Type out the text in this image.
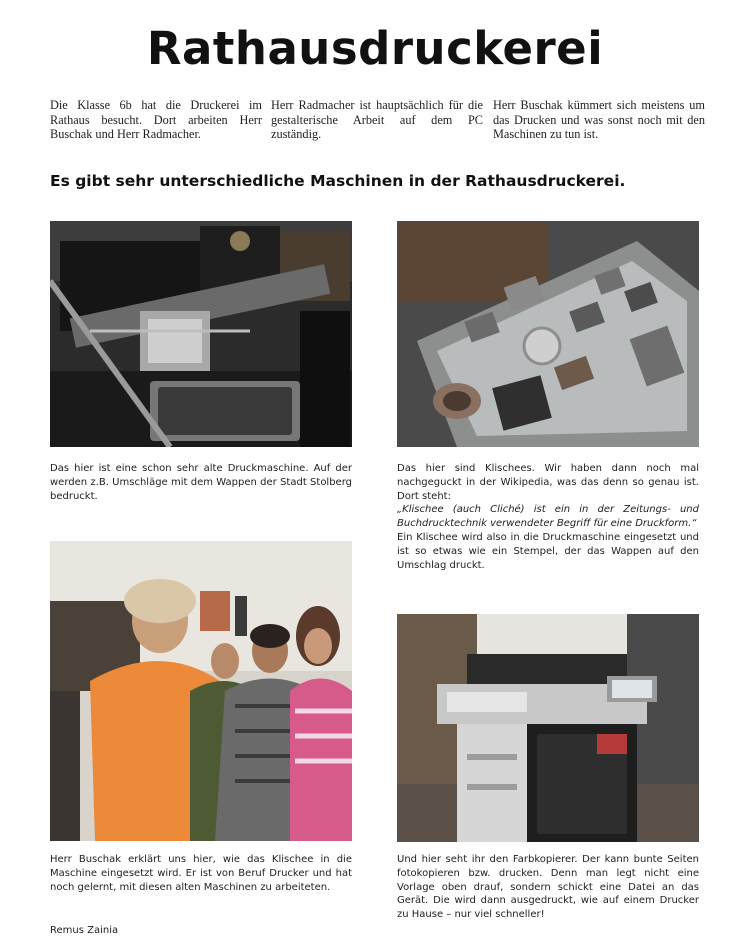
Rathausdruckerei
Die Klasse 6b hat die Druckerei im Rathaus besucht. Dort arbeiten Herr Buschak und Herr Radmacher.
Herr Radmacher ist hauptsächlich für die gestalterische Arbeit auf dem PC zuständig.
Herr Buschak kümmert sich meistens um das Drucken und was sonst noch mit den Maschinen zu tun ist.
Es gibt sehr unterschiedliche Maschinen in der Rathausdruckerei.
Das hier ist eine schon sehr alte Druckmaschine. Auf der werden z.B. Umschläge mit dem Wappen der Stadt Stolberg bedruckt.
Das hier sind Klischees. Wir haben dann noch mal nachgeguckt in der Wikipedia, was das denn so genau ist. Dort steht:
„Klischee (auch Cliché) ist ein in der Zeitungs- und Buchdrucktechnik verwendeter Begriff für eine Druckform.“
Ein Klischee wird also in die Druckmaschine eingesetzt und ist so etwas wie ein Stempel, der das Wappen auf den Umschlag druckt.
Herr Buschak erklärt uns hier, wie das Klischee in die Maschine eingesetzt wird. Er ist von Beruf Drucker und hat noch gelernt, mit diesen alten Maschinen zu arbeiteten.
Und hier seht ihr den Farbkopierer. Der kann bunte Seiten fotokopieren bzw. drucken. Denn man legt nicht eine Vorlage oben drauf, sondern schickt eine Datei an das Gerät. Die wird dann ausgedruckt, wie auf einem Drucker zu Hause – nur viel schneller!
Remus Zainia
